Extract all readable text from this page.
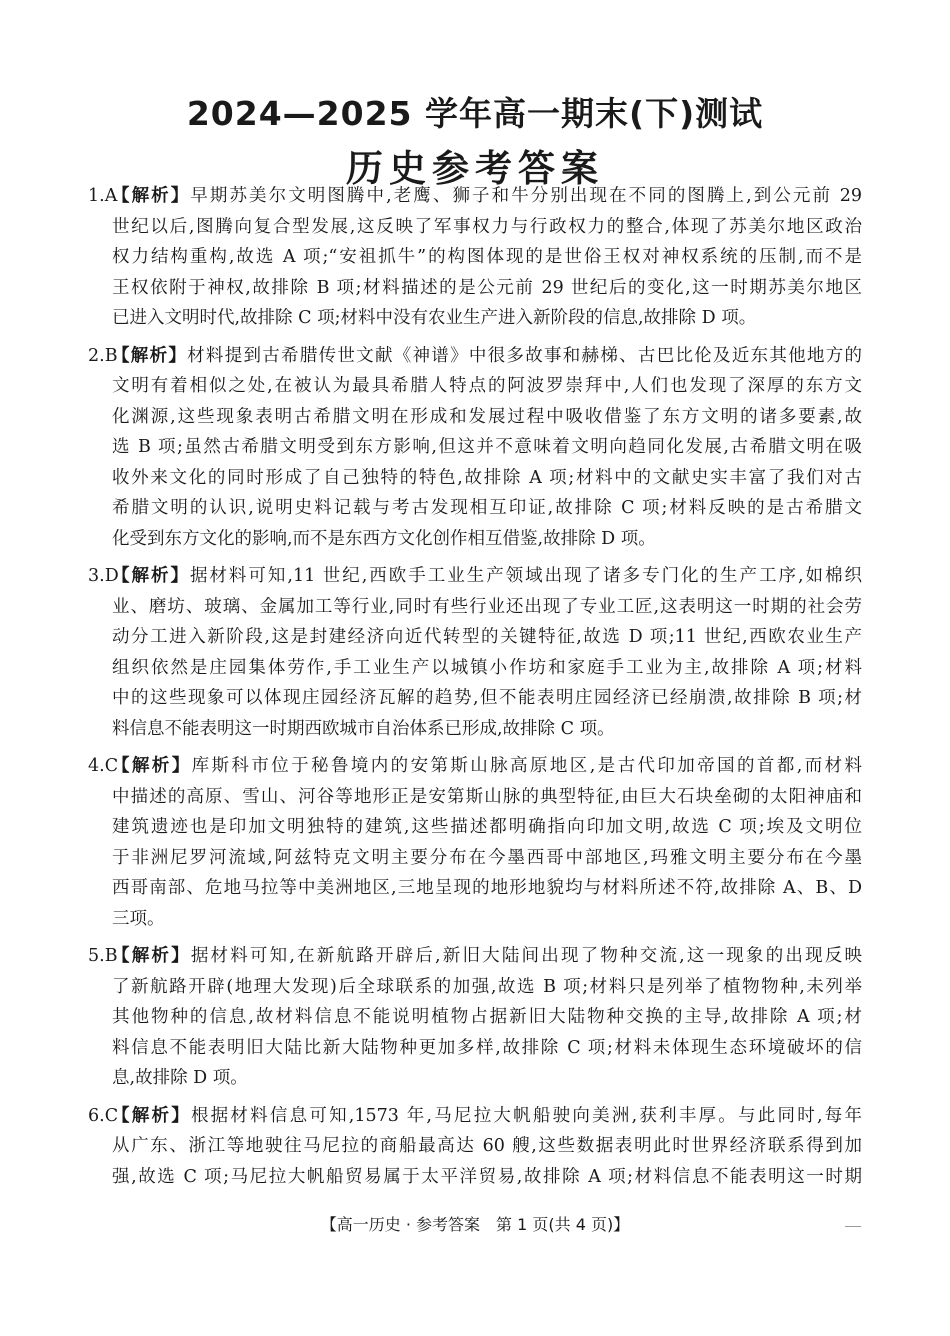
2024—2025 学年高一期末(下)测试
历史参考答案
1.A
【解析】早期苏美尔文明图腾中,老鹰、狮子和牛分别出现在不同的图腾上,到公元前 29
世纪以后,图腾向复合型发展,这反映了军事权力与行政权力的整合,体现了苏美尔地区政治
权力结构重构,故选 A 项;“安祖抓牛”的构图体现的是世俗王权对神权系统的压制,而不是
王权依附于神权,故排除 B 项;材料描述的是公元前 29 世纪后的变化,这一时期苏美尔地区
已进入文明时代,故排除 C 项;材料中没有农业生产进入新阶段的信息,故排除 D 项。
2.B
【解析】材料提到古希腊传世文献《神谱》中很多故事和赫梯、古巴比伦及近东其他地方的
文明有着相似之处,在被认为最具希腊人特点的阿波罗崇拜中,人们也发现了深厚的东方文
化渊源,这些现象表明古希腊文明在形成和发展过程中吸收借鉴了东方文明的诸多要素,故
选 B 项;虽然古希腊文明受到东方影响,但这并不意味着文明向趋同化发展,古希腊文明在吸
收外来文化的同时形成了自己独特的特色,故排除 A 项;材料中的文献史实丰富了我们对古
希腊文明的认识,说明史料记载与考古发现相互印证,故排除 C 项;材料反映的是古希腊文
化受到东方文化的影响,而不是东西方文化创作相互借鉴,故排除 D 项。
3.D
【解析】据材料可知,11 世纪,西欧手工业生产领域出现了诸多专门化的生产工序,如棉织
业、磨坊、玻璃、金属加工等行业,同时有些行业还出现了专业工匠,这表明这一时期的社会劳
动分工进入新阶段,这是封建经济向近代转型的关键特征,故选 D 项;11 世纪,西欧农业生产
组织依然是庄园集体劳作,手工业生产以城镇小作坊和家庭手工业为主,故排除 A 项;材料
中的这些现象可以体现庄园经济瓦解的趋势,但不能表明庄园经济已经崩溃,故排除 B 项;材
料信息不能表明这一时期西欧城市自治体系已形成,故排除 C 项。
4.C
【解析】库斯科市位于秘鲁境内的安第斯山脉高原地区,是古代印加帝国的首都,而材料
中描述的高原、雪山、河谷等地形正是安第斯山脉的典型特征,由巨大石块垒砌的太阳神庙和
建筑遗迹也是印加文明独特的建筑,这些描述都明确指向印加文明,故选 C 项;埃及文明位
于非洲尼罗河流域,阿兹特克文明主要分布在今墨西哥中部地区,玛雅文明主要分布在今墨
西哥南部、危地马拉等中美洲地区,三地呈现的地形地貌均与材料所述不符,故排除 A、B、D
三项。
5.B
【解析】据材料可知,在新航路开辟后,新旧大陆间出现了物种交流,这一现象的出现反映
了新航路开辟(地理大发现)后全球联系的加强,故选 B 项;材料只是列举了植物物种,未列举
其他物种的信息,故材料信息不能说明植物占据新旧大陆物种交换的主导,故排除 A 项;材
料信息不能表明旧大陆比新大陆物种更加多样,故排除 C 项;材料未体现生态环境破坏的信
息,故排除 D 项。
6.C
【解析】根据材料信息可知,1573 年,马尼拉大帆船驶向美洲,获利丰厚。与此同时,每年
从广东、浙江等地驶往马尼拉的商船最高达 60 艘,这些数据表明此时世界经济联系得到加
强,故选 C 项;马尼拉大帆船贸易属于太平洋贸易,故排除 A 项;材料信息不能表明这一时期
【高一历史 · 参考答案　第 1 页(共 4 页)】
